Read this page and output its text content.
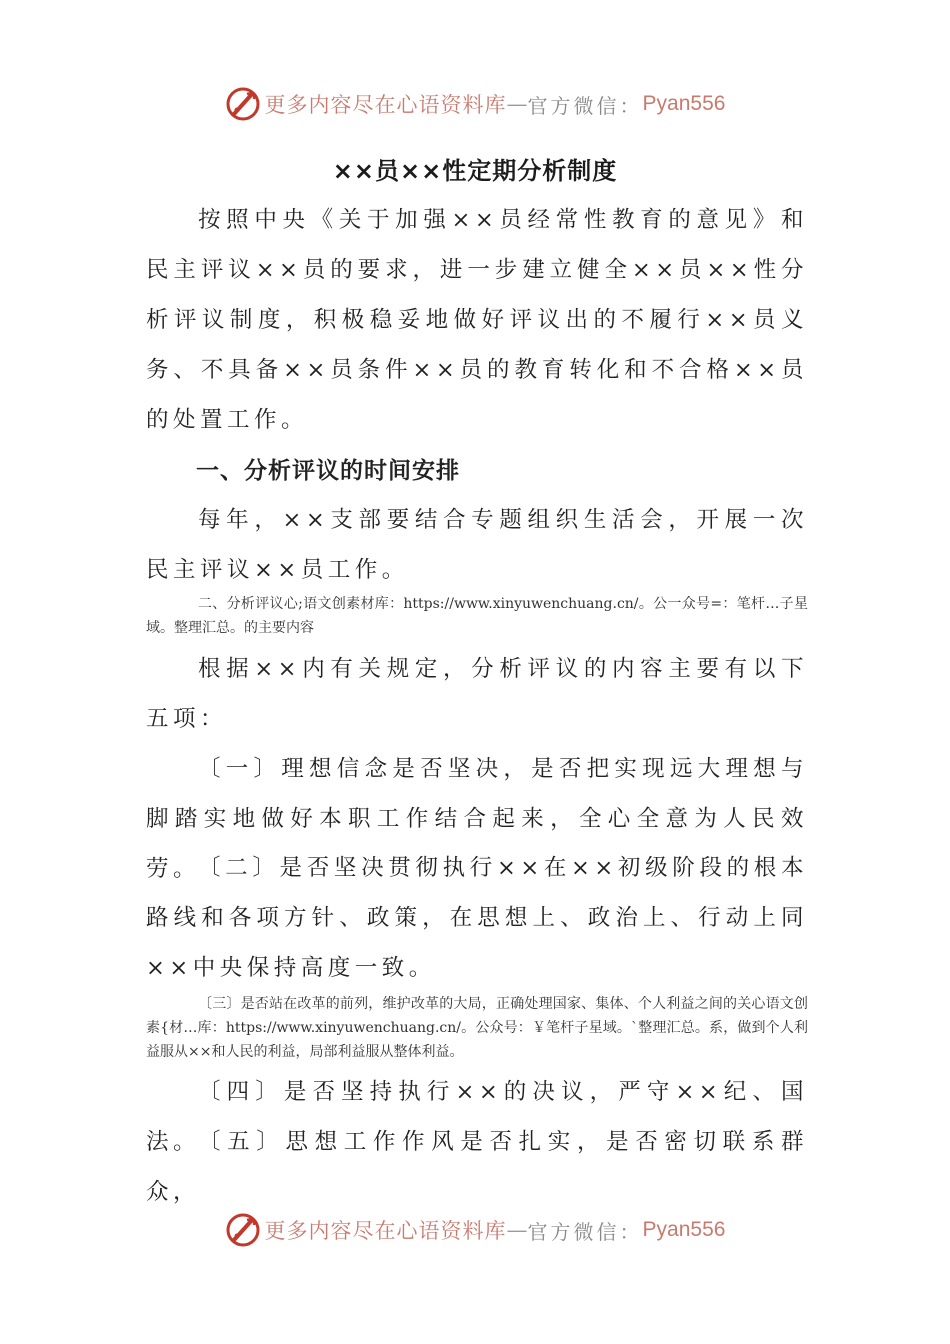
更多内容尽在心语资料库 — 官方微信： Pyan556
××员××性定期分析制度

按照中央《关于加强××员经常性教育的意见》和民主评议××员的要求，进一步建立健全××员××性分析评议制度，积极稳妥地做好评议出的不履行××员义务、不具备××员条件××员的教育转化和不合格××员的处置工作。

一、分析评议的时间安排

每年，××支部要结合专题组织生活会，开展一次民主评议××员工作。

二、分析评议心;语文创素材库：https://www.xinyuwenchuang.cn/。公一众号=：笔杆…子星域。整理汇总。的主要内容

根据××内有关规定，分析评议的内容主要有以下五项：

〔一〕理想信念是否坚决，是否把实现远大理想与脚踏实地做好本职工作结合起来，全心全意为人民效劳。

〔二〕是否坚决贯彻执行××在××初级阶段的根本路线和各项方针、政策，在思想上、政治上、行动上同××中央保持高度一致。

〔三〕是否站在改革的前列，维护改革的大局，正确处理国家、集体、个人利益之间的关心语文创素{材…库：https://www.xinyuwenchuang.cn/。公众号：￥笔杆子星域。`整理汇总。系，做到个人利益服从××和人民的利益，局部利益服从整体利益。

〔四〕是否坚持执行××的决议，严守××纪、国法。

〔五〕思想工作作风是否扎实，是否密切联系群众，

更多内容尽在心语资料库 — 官方微信： Pyan556
